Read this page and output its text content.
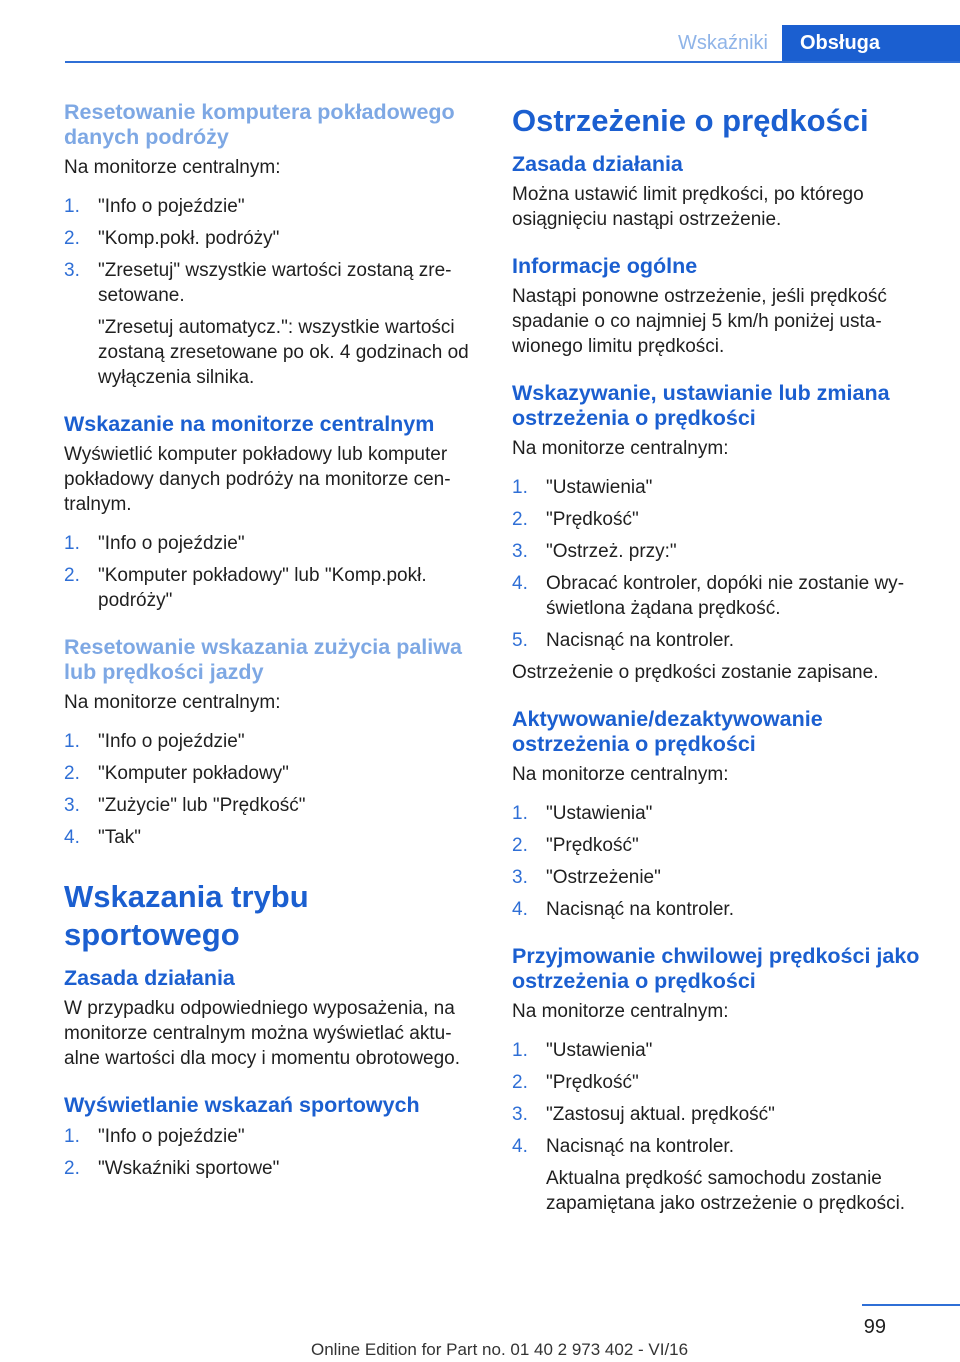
Wskaźniki	Obsługa
Resetowanie komputera pokładowego danych podróży

Na monitorze centralnym:

1. "Info o pojeździe"
2. "Komp.pokł. podróży"
3. "Zresetuj" wszystkie wartości zostaną zresetowane.
"Zresetuj automatycz.": wszystkie wartości zostaną zresetowane po ok. 4 godzinach od wyłączenia silnika.
Wskazanie na monitorze centralnym

Wyświetlić komputer pokładowy lub komputer pokładowy danych podróży na monitorze centralnym.

1. "Info o pojeździe"
2. "Komputer pokładowy" lub "Komp.pokł. podróży"
Resetowanie wskazania zużycia paliwa lub prędkości jazdy

Na monitorze centralnym:

1. "Info o pojeździe"
2. "Komputer pokładowy"
3. "Zużycie" lub "Prędkość"
4. "Tak"
Wskazania trybu sportowego
Zasada działania

W przypadku odpowiedniego wyposażenia, na monitorze centralnym można wyświetlać aktualne wartości dla mocy i momentu obrotowego.

Wyświetlanie wskazań sportowych
1. "Info o pojeździe"
2. "Wskaźniki sportowe"
Ostrzeżenie o prędkości
Zasada działania

Można ustawić limit prędkości, po którego osiągnięciu nastąpi ostrzeżenie.

Informacje ogólne

Nastąpi ponowne ostrzeżenie, jeśli prędkość spadanie o co najmniej 5 km/h poniżej ustawionego limitu prędkości.

Wskazywanie, ustawianie lub zmiana ostrzeżenia o prędkości

Na monitorze centralnym:

1. "Ustawienia"
2. "Prędkość"
3. "Ostrzeż. przy:"
4. Obracać kontroler, dopóki nie zostanie wyświetlona żądana prędkość.
5. Nacisnąć na kontroler.

Ostrzeżenie o prędkości zostanie zapisane.

Aktywowanie/dezaktywowanie ostrzeżenia o prędkości

Na monitorze centralnym:

1. "Ustawienia"
2. "Prędkość"
3. "Ostrzeżenie"
4. Nacisnąć na kontroler.
Przyjmowanie chwilowej prędkości jako ostrzeżenia o prędkości

Na monitorze centralnym:

1. "Ustawienia"
2. "Prędkość"
3. "Zastosuj aktual. prędkość"
4. Nacisnąć na kontroler.
Aktualna prędkość samochodu zostanie zapamiętana jako ostrzeżenie o prędkości.
99
Online Edition for Part no. 01 40 2 973 402 - VI/16
